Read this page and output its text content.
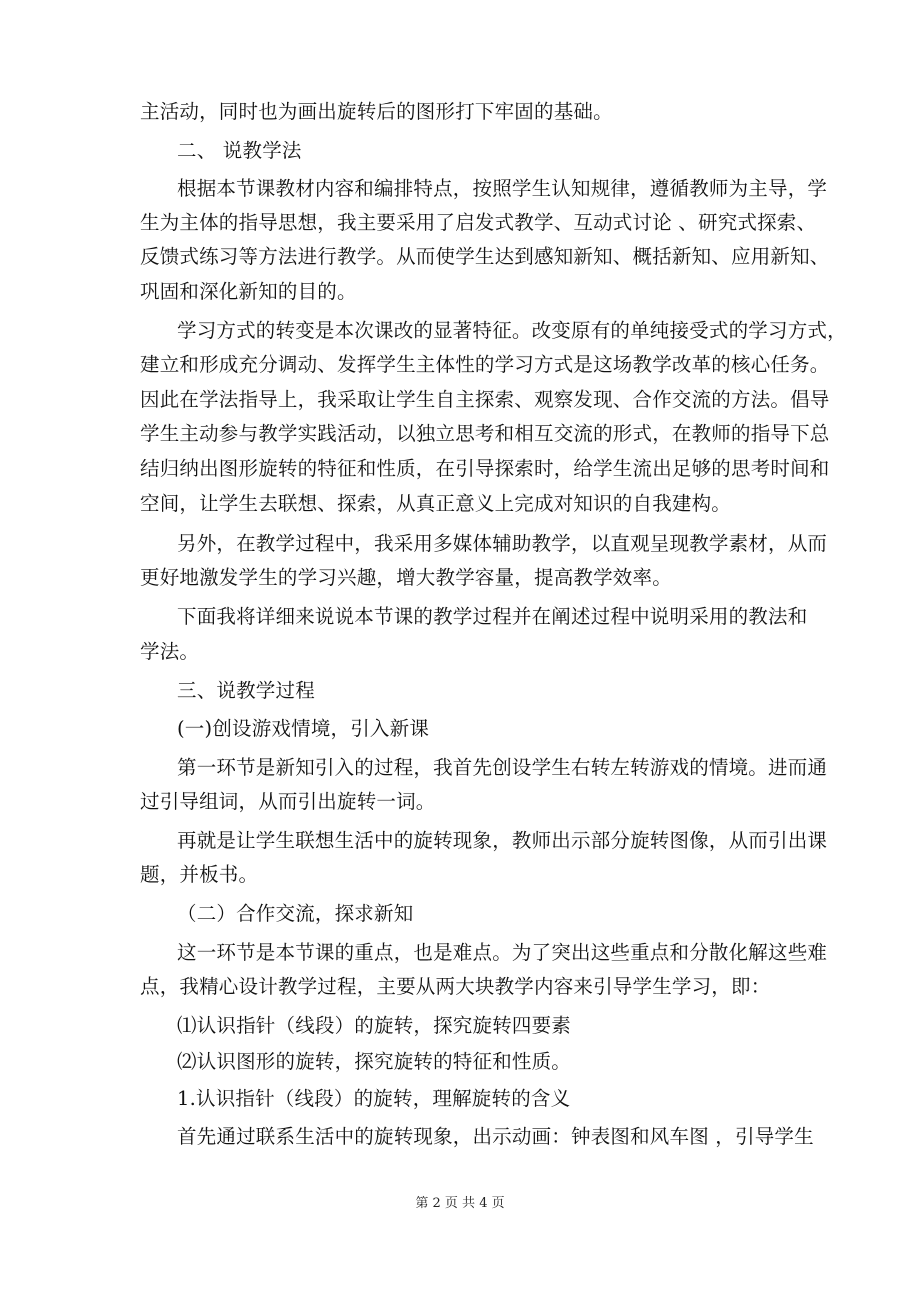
主活动，同时也为画出旋转后的图形打下牢固的基础。
二、 说教学法
根据本节课教材内容和编排特点，按照学生认知规律，遵循教师为主导，学
生为主体的指导思想，我主要采用了启发式教学、互动式讨论 、研究式探索、
反馈式练习等方法进行教学。从而使学生达到感知新知、概括新知、应用新知、
巩固和深化新知的目的。
学习方式的转变是本次课改的显著特征。改变原有的单纯接受式的学习方式，
建立和形成充分调动、发挥学生主体性的学习方式是这场教学改革的核心任务。
因此在学法指导上，我采取让学生自主探索、观察发现、合作交流的方法。倡导
学生主动参与教学实践活动，以独立思考和相互交流的形式，在教师的指导下总
结归纳出图形旋转的特征和性质，在引导探索时，给学生流出足够的思考时间和
空间，让学生去联想、探索，从真正意义上完成对知识的自我建构。
另外，在教学过程中，我采用多媒体辅助教学，以直观呈现教学素材，从而
更好地激发学生的学习兴趣，增大教学容量，提高教学效率。
下面我将详细来说说本节课的教学过程并在阐述过程中说明采用的教法和
学法。
三、说教学过程
(一)创设游戏情境，引入新课
第一环节是新知引入的过程，我首先创设学生右转左转游戏的情境。进而通
过引导组词，从而引出旋转一词。
再就是让学生联想生活中的旋转现象，教师出示部分旋转图像，从而引出课
题，并板书。
（二）合作交流，探求新知
这一环节是本节课的重点，也是难点。为了突出这些重点和分散化解这些难
点，我精心设计教学过程，主要从两大块教学内容来引导学生学习，即：
⑴认识指针（线段）的旋转，探究旋转四要素
⑵认识图形的旋转，探究旋转的特征和性质。
1.认识指针（线段）的旋转，理解旋转的含义
首先通过联系生活中的旋转现象，出示动画：钟表图和风车图 ，引导学生
第 2 页 共 4 页
